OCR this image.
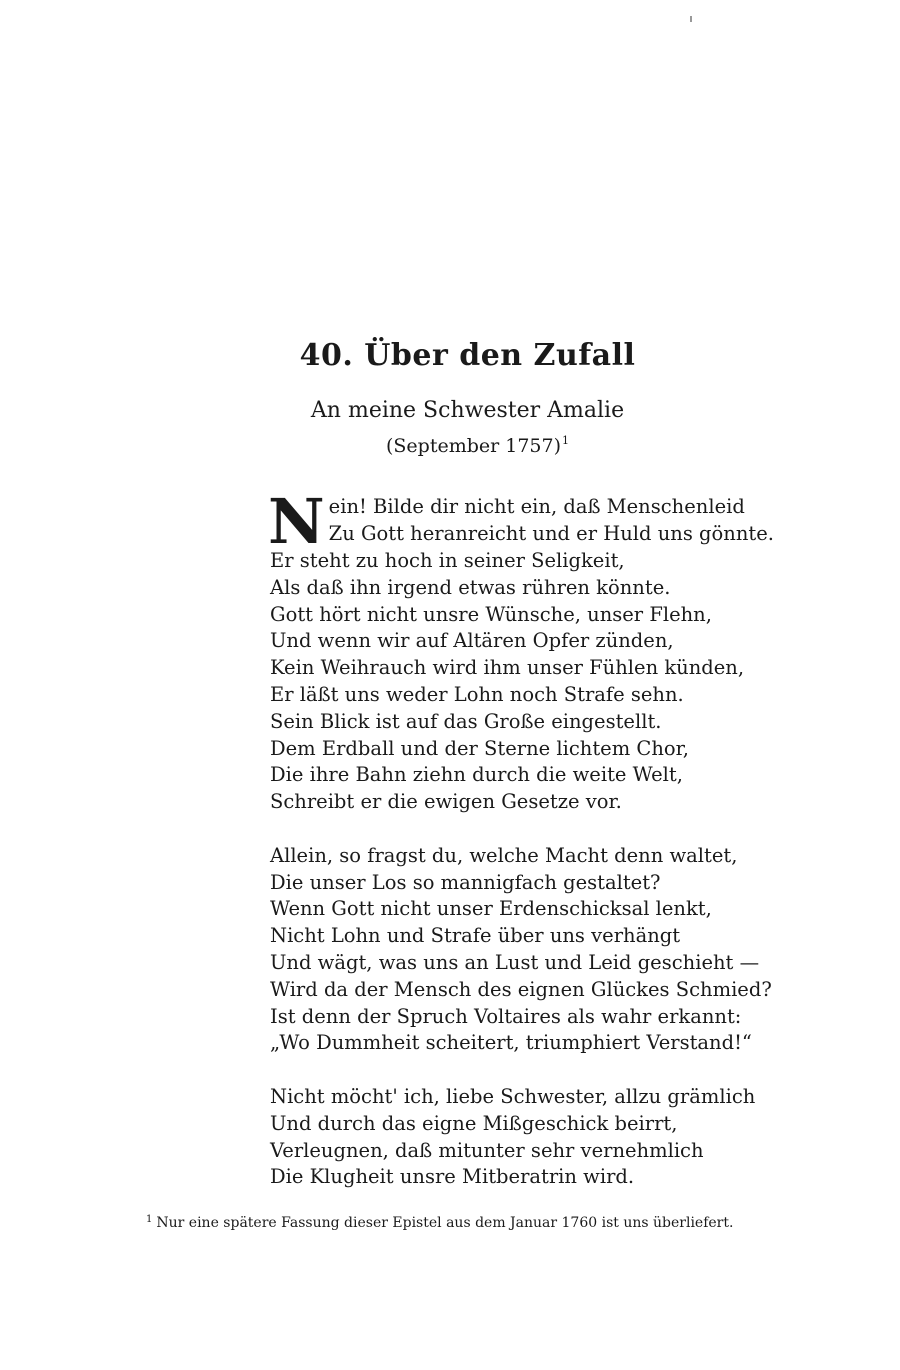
40. Über den Zufall

An meine Schwester Amalie

(September 1757)$^1$

N ein! Bilde dir nicht ein, daß Menschenleid
Zu Gott heranreicht und er Huld uns gönnte.
Er steht zu hoch in seiner Seligkeit,
Als daß ihn irgend etwas rühren könnte.
Gott hört nicht unsre Wünsche, unser Flehn,
Und wenn wir auf Altären Opfer zünden,
Kein Weihrauch wird ihm unser Fühlen künden,
Er läßt uns weder Lohn noch Strafe sehn.
Sein Blick ist auf das Große eingestellt.
Dem Erdball und der Sterne lichtem Chor,
Die ihre Bahn ziehn durch die weite Welt,
Schreibt er die ewigen Gesetze vor.
Allein, so fragst du, welche Macht denn waltet,
Die unser Los so mannigfach gestaltet?
Wenn Gott nicht unser Erdenschicksal lenkt,
Nicht Lohn und Strafe über uns verhängt
Und wägt, was uns an Lust und Leid geschieht —
Wird da der Mensch des eignen Glückes Schmied?
Ist denn der Spruch Voltaires als wahr erkannt:
„Wo Dummheit scheitert, triumphiert Verstand!“
Nicht möcht' ich, liebe Schwester, allzu grämlich
Und durch das eigne Mißgeschick beirrt,
Verleugnen, daß mitunter sehr vernehmlich
Die Klugheit unsre Mitberatrin wird.
$^1$ Nur eine spätere Fassung dieser Epistel aus dem Januar 1760 ist uns überliefert.
